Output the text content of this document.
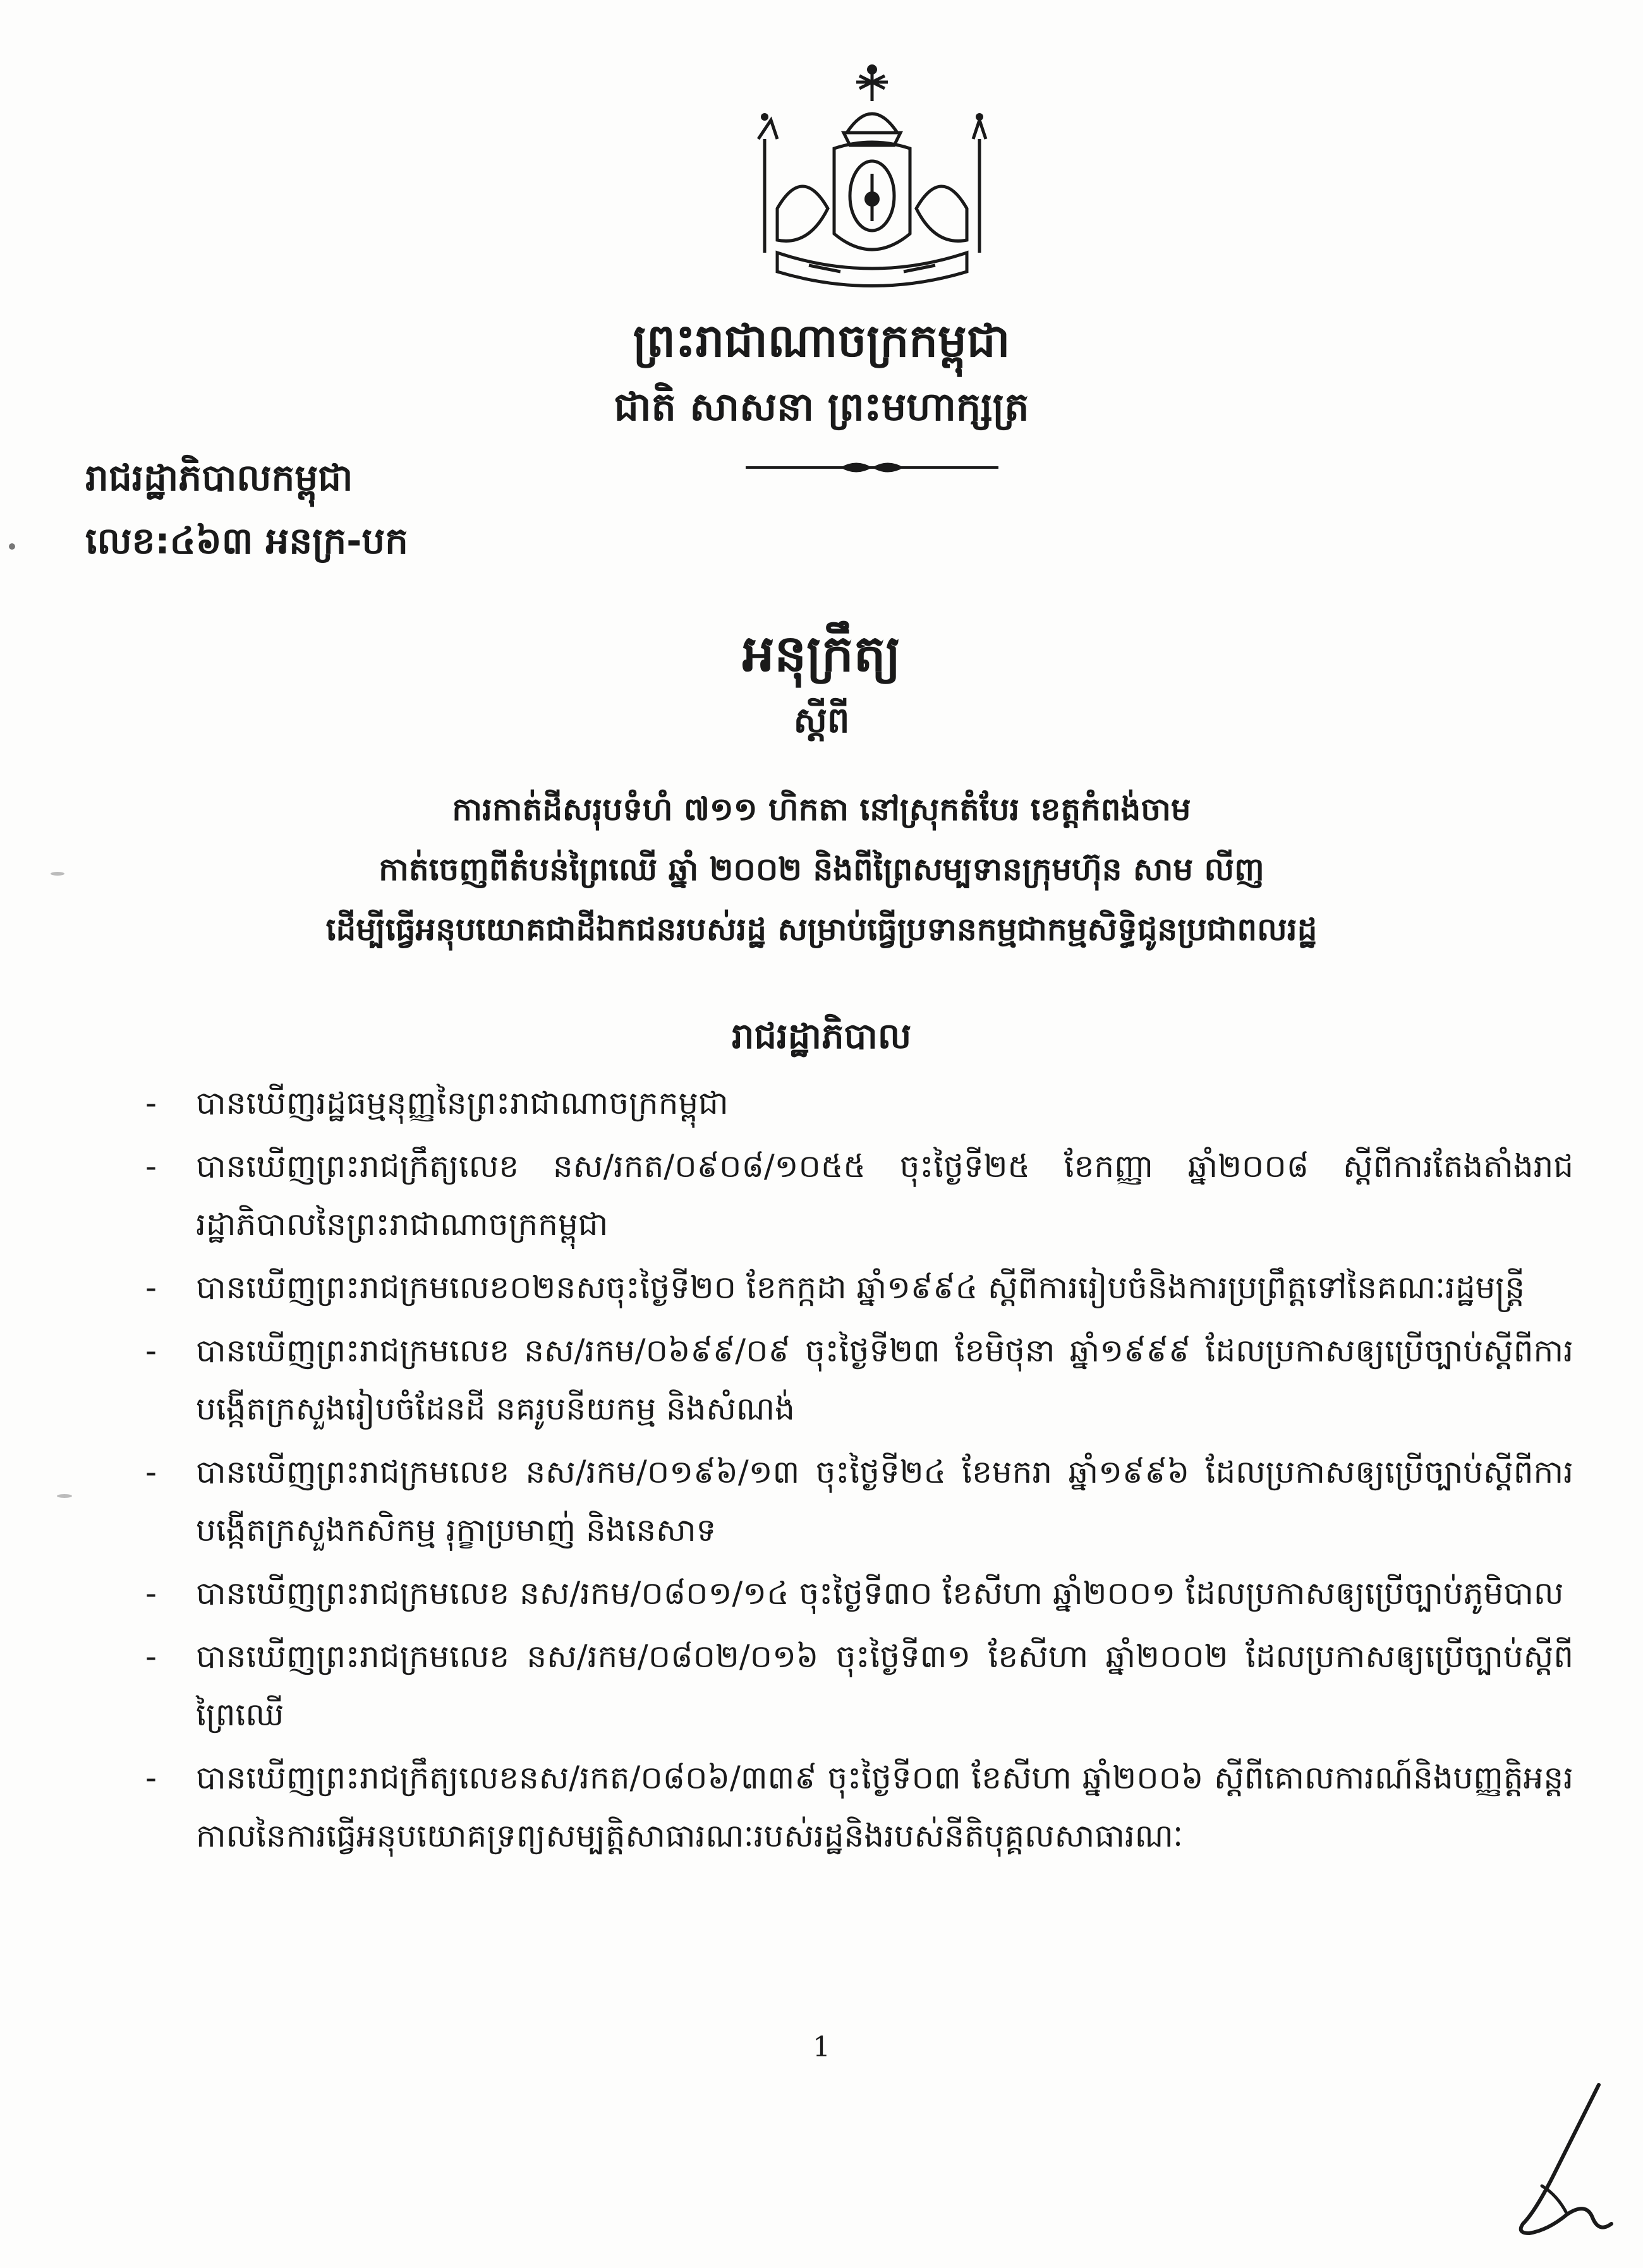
ព្រះរាជាណាចក្រកម្ពុជា
ជាតិ សាសនា ព្រះមហាក្សត្រ
រាជរដ្ឋាភិបាលកម្ពុជា
លេខ:៤៦៣ អនក្រ-បក
អនុក្រឹត្យ
ស្តីពី
ការកាត់ដីសរុបទំហំ ៧១១ ហិកតា នៅស្រុកតំបែរ ខេត្តកំពង់ចាម
កាត់ចេញពីតំបន់ព្រៃឈើ ឆ្នាំ ២០០២ និងពីព្រៃសម្បទានក្រុមហ៊ុន សាម លីញ
ដើម្បីធ្វើអនុបយោគជាដីឯកជនរបស់រដ្ឋ សម្រាប់ធ្វើប្រទានកម្មជាកម្មសិទ្ធិជូនប្រជាពលរដ្ឋ
រាជរដ្ឋាភិបាល
- បានឃើញរដ្ឋធម្មនុញ្ញនៃព្រះរាជាណាចក្រកម្ពុជា
- បានឃើញព្រះរាជក្រឹត្យលេខ នស/រកត/០៩០៨/១០៥៥ ចុះថ្ងៃទី២៥ ខែកញ្ញា ឆ្នាំ២០០៨ ស្តីពីការតែងតាំងរាជរដ្ឋាភិបាលនៃព្រះរាជាណាចក្រកម្ពុជា
- បានឃើញព្រះរាជក្រមលេខ០២នសចុះថ្ងៃទី២០ ខែកក្កដា ឆ្នាំ១៩៩៤ ស្តីពីការរៀបចំនិងការប្រព្រឹត្តទៅនៃគណៈរដ្ឋមន្ត្រី
- បានឃើញព្រះរាជក្រមលេខ នស/រកម/០៦៩៩/០៩ ចុះថ្ងៃទី២៣ ខែមិថុនា ឆ្នាំ១៩៩៩ ដែលប្រកាសឲ្យប្រើច្បាប់ស្តីពីការបង្កើតក្រសួងរៀបចំដែនដី នគរូបនីយកម្ម និងសំណង់
- បានឃើញព្រះរាជក្រមលេខ នស/រកម/០១៩៦/១៣ ចុះថ្ងៃទី២៤ ខែមករា ឆ្នាំ១៩៩៦ ដែលប្រកាសឲ្យប្រើច្បាប់ស្តីពីការបង្កើតក្រសួងកសិកម្ម រុក្ខាប្រមាញ់ និងនេសាទ
- បានឃើញព្រះរាជក្រមលេខ នស/រកម/០៨០១/១៤ ចុះថ្ងៃទី៣០ ខែសីហា ឆ្នាំ២០០១ ដែលប្រកាសឲ្យប្រើច្បាប់ភូមិបាល
- បានឃើញព្រះរាជក្រមលេខ នស/រកម/០៨០២/០១៦ ចុះថ្ងៃទី៣១ ខែសីហា ឆ្នាំ២០០២ ដែលប្រកាសឲ្យប្រើច្បាប់ស្តីពីព្រៃឈើ
- បានឃើញព្រះរាជក្រឹត្យលេខនស/រកត/០៨០៦/៣៣៩ ចុះថ្ងៃទី០៣ ខែសីហា ឆ្នាំ២០០៦ ស្តីពីគោលការណ៍និងបញ្ញត្តិអន្តរកាលនៃការធ្វើអនុបយោគទ្រព្យសម្បត្តិសាធារណៈរបស់រដ្ឋនិងរបស់នីតិបុគ្គលសាធារណៈ
1
